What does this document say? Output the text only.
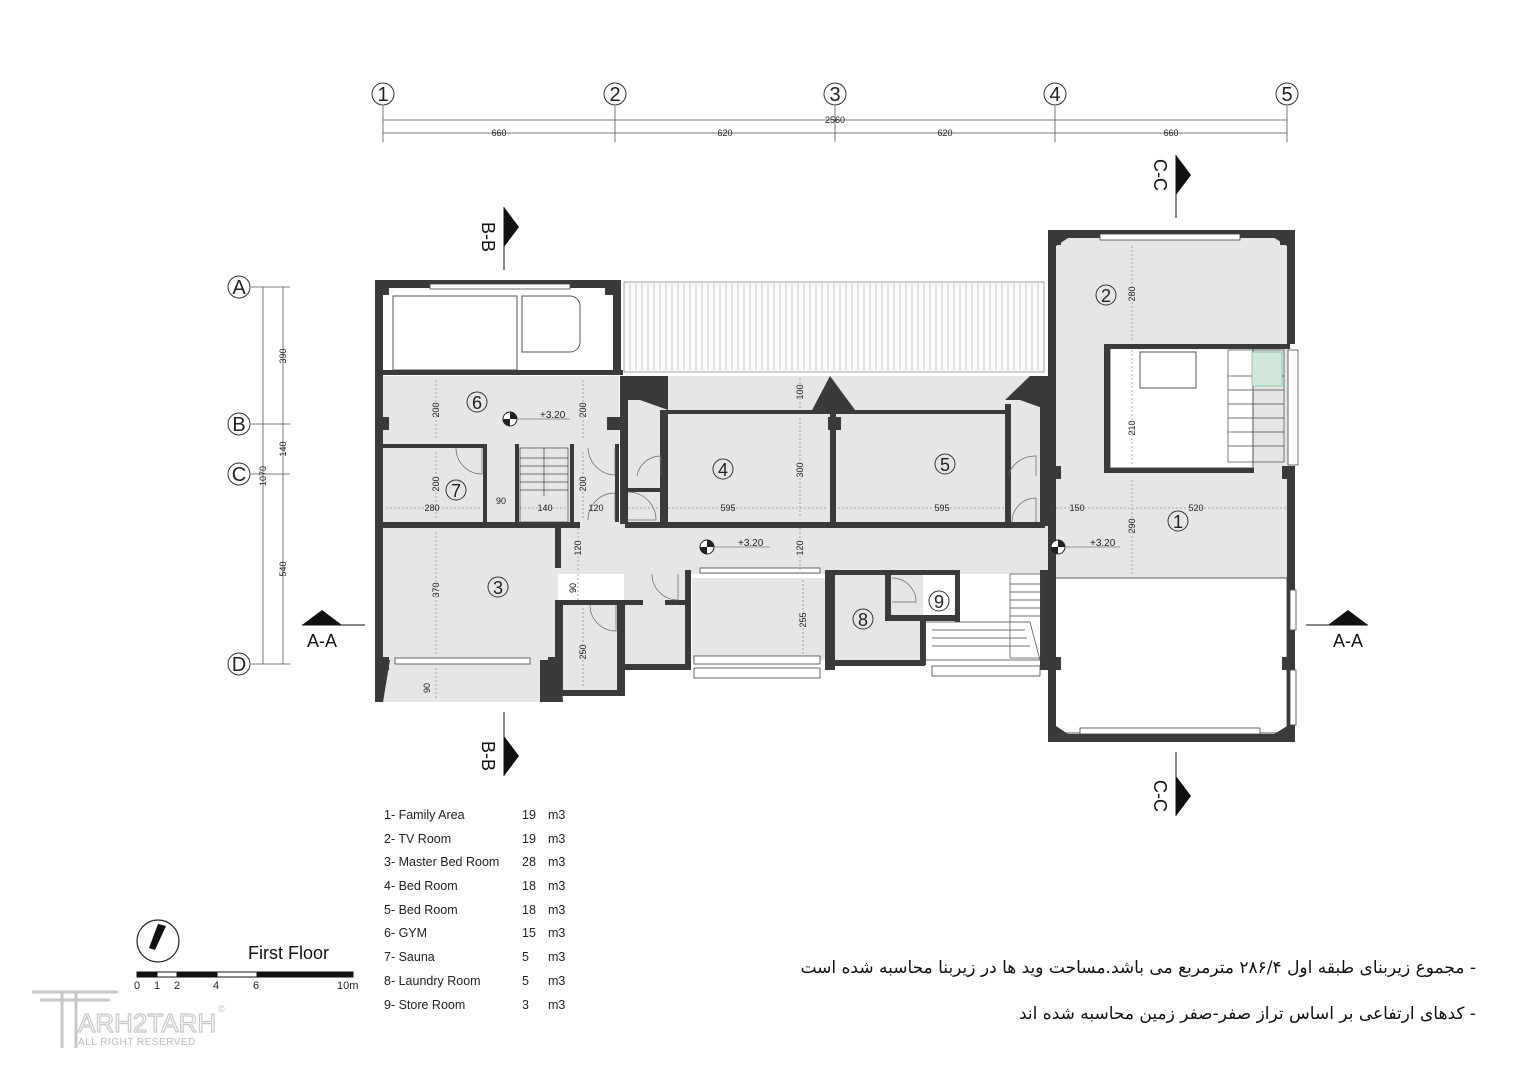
1	2	3	4	5
2560
660	620	620	660
A
B
C
D
1070
390
140
540
200	200
200	200
280
90
140	120	595	595	150	520
290
210
280
300
100
120
120
370	90
250
90
255
+3.20
+3.20	+3.20
1
2
3
4	5
6
7
8
9
B-B
B-B
C-C
C-C
A-A	A-A
ARH2TARH ©
1- Family Area	19 m3
2- TV Room	19 m3
3- Master Bed Room	28 m3
4- Bed Room	18 m3
5- Bed Room	18 m3
6- GYM	15 m3
7- Sauna	5	m3
8- Laundry Room	5	m3
9- Store Room	3	m3
First Floor
0 1 2	4	6	10m
- مجموع زیربنای طبقه اول ۲۸۶/۴ مترمربع می باشد.مساحت وید ها در زیربنا محاسبه شده است
- کدهای ارتفاعی بر اساس تراز صفر-صفر زمین محاسبه شده اند
ALL RIGHT RESERVED
